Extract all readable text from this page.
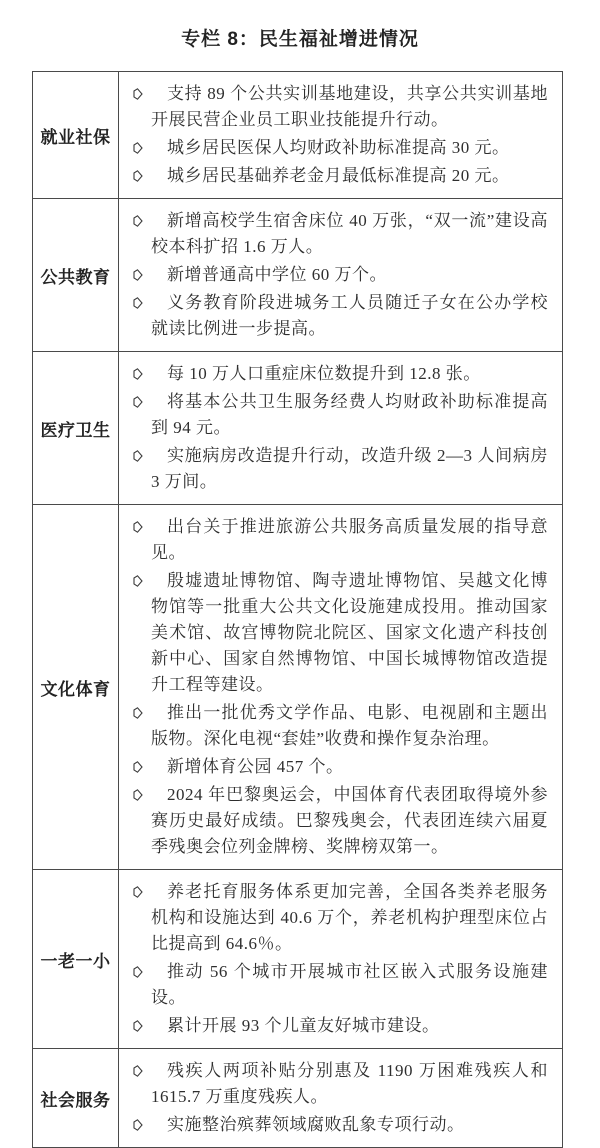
专栏 8：民生福祉增进情况
就业社保	
支持 89 个公共实训基地建设，共享公共实训基地开展民营企业员工职业技能提升行动。
城乡居民医保人均财政补助标准提高 30 元。
城乡居民基础养老金月最低标准提高 20 元。

公共教育	
新增高校学生宿舍床位 40 万张，“双一流”建设高校本科扩招 1.6 万人。
新增普通高中学位 60 万个。
义务教育阶段进城务工人员随迁子女在公办学校就读比例进一步提高。

医疗卫生	
每 10 万人口重症床位数提升到 12.8 张。
将基本公共卫生服务经费人均财政补助标准提高到 94 元。
实施病房改造提升行动，改造升级 2—3 人间病房 3 万间。

文化体育	
出台关于推进旅游公共服务高质量发展的指导意见。
殷墟遗址博物馆、陶寺遗址博物馆、吴越文化博物馆等一批重大公共文化设施建成投用。推动国家美术馆、故宫博物院北院区、国家文化遗产科技创新中心、国家自然博物馆、中国长城博物馆改造提升工程等建设。
推出一批优秀文学作品、电影、电视剧和主题出版物。深化电视“套娃”收费和操作复杂治理。
新增体育公园 457 个。
2024 年巴黎奥运会，中国体育代表团取得境外参赛历史最好成绩。巴黎残奥会，代表团连续六届夏季残奥会位列金牌榜、奖牌榜双第一。

一老一小	
养老托育服务体系更加完善，全国各类养老服务机构和设施达到 40.6 万个，养老机构护理型床位占比提高到 64.6％。
推动 56 个城市开展城市社区嵌入式服务设施建设。
累计开展 93 个儿童友好城市建设。

社会服务	
残疾人两项补贴分别惠及 1190 万困难残疾人和 1615.7 万重度残疾人。
实施整治殡葬领域腐败乱象专项行动。
